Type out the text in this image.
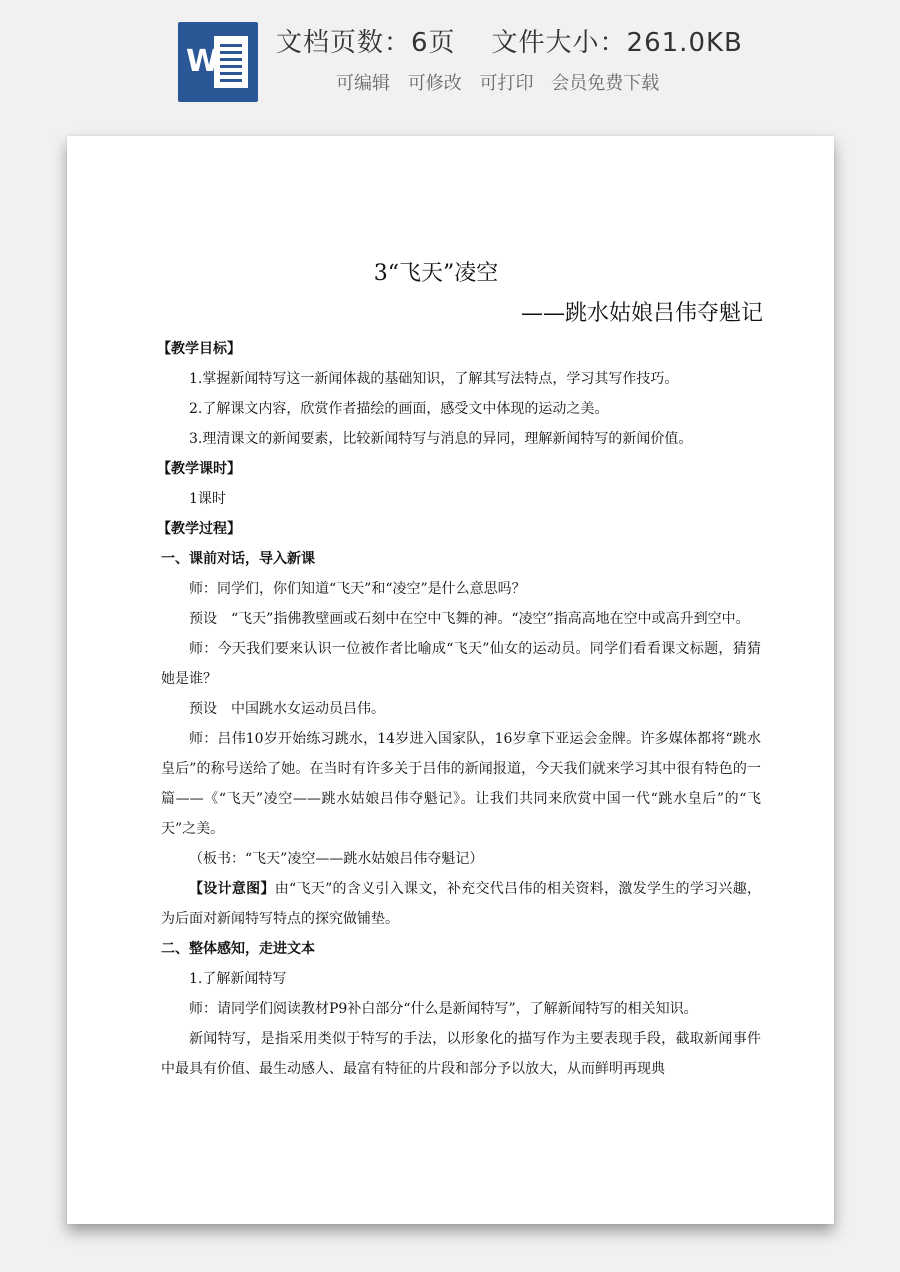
W
文档页数：6页 文件大小：261.0KB
可编辑 可修改 可打印 会员免费下载
3“飞天”凌空
——跳水姑娘吕伟夺魁记

【教学目标】

1.掌握新闻特写这一新闻体裁的基础知识，了解其写法特点，学习其写作技巧。

2.了解课文内容，欣赏作者描绘的画面，感受文中体现的运动之美。

3.理清课文的新闻要素，比较新闻特写与消息的异同，理解新闻特写的新闻价值。

【教学课时】

1课时

【教学过程】

一、课前对话，导入新课

师：同学们，你们知道“飞天”和“凌空”是什么意思吗？

预设　“飞天”指佛教壁画或石刻中在空中飞舞的神。“凌空”指高高地在空中或高升到空中。

师：今天我们要来认识一位被作者比喻成“飞天”仙女的运动员。同学们看看课文标题，猜猜她是谁？

预设　中国跳水女运动员吕伟。

师：吕伟10岁开始练习跳水，14岁进入国家队，16岁拿下亚运会金牌。许多媒体都将“跳水皇后”的称号送给了她。在当时有许多关于吕伟的新闻报道，今天我们就来学习其中很有特色的一篇——《“飞天”凌空——跳水姑娘吕伟夺魁记》。让我们共同来欣赏中国一代“跳水皇后”的“飞天”之美。

（板书：“飞天”凌空——跳水姑娘吕伟夺魁记）

【设计意图】由“飞天”的含义引入课文，补充交代吕伟的相关资料，激发学生的学习兴趣，为后面对新闻特写特点的探究做铺垫。

二、整体感知，走进文本

1.了解新闻特写

师：请同学们阅读教材P9补白部分“什么是新闻特写”，了解新闻特写的相关知识。

新闻特写，是指采用类似于特写的手法，以形象化的描写作为主要表现手段，截取新闻事件中最具有价值、最生动感人、最富有特征的片段和部分予以放大，从而鲜明再现典
